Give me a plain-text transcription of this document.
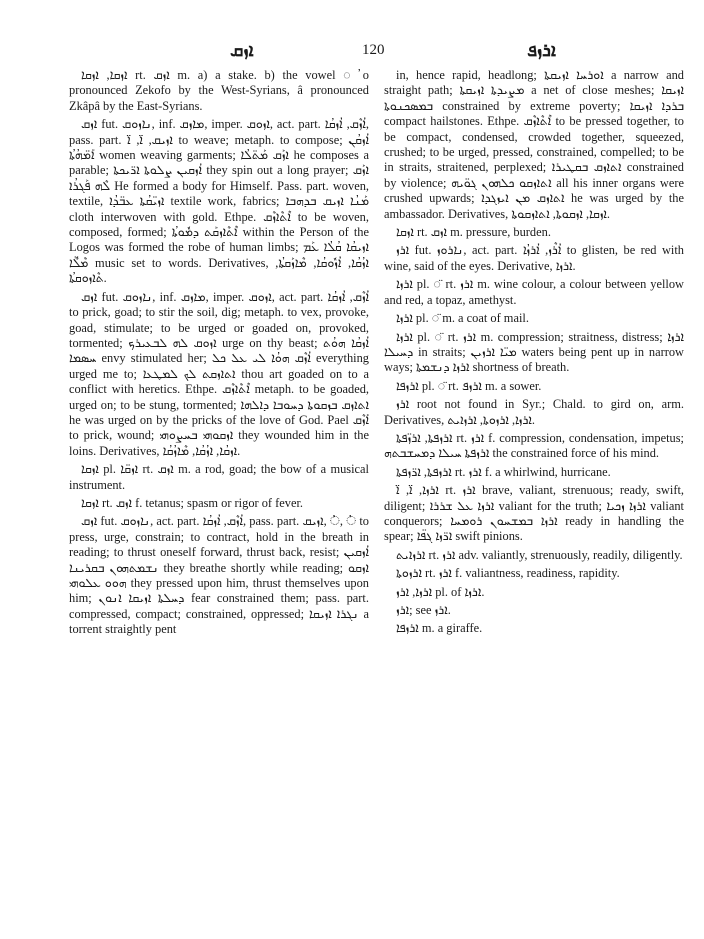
ܐܙܩ	120	ܐܪܙܦ

ܐܙܩܐ, ܐܙܩܐ rt. ܐܙܩ m. a) a stake. b) the vowel ◌ܳ o pronounced Zekofo by the West-Syrians, â pronounced Zkâpâ by the East-Syrians.

ܐܙܩ fut. ܢܐܙܘܩ, inf. ܡܐܙܩ, imper. ܐܙܘܩ, act. part. ܐܳܙܶܩ, ܐܳܙܩܳܐ, pass. part. ܐܙܝܩ, ܐ̈, ܐ̈ to weave; metaph. to compose; ܐܳܙܩܳܢ ܐܰܡ̈ܗܳܬܳܐ women weaving garments; ܐܙܰܩ ܡܰܬ̈ܠܳܐ he composes a parable; ܐܳܙܩܝܢ ܨܠܘܬܐ ܐܪ̈ܝܟܬܐ they spin out a long prayer; ܐܙܰܩ ܠܶܗ ܦܰܓܪܳܐ He formed a body for Himself. Pass. part. woven, textile, ܐܙܝ̈ܩܳܬܐ ܥܒ̈ܕܳܐ textile work, fabrics; ܡܰܢܳܐ ܐܙܝܩ ܒܕܗܒܐ cloth interwoven with gold. Ethpe. ܐܶܬܶܐܙܶܩ to be woven, composed, formed; ܐܶܬܶܐܙܩܰܬ ܕܡܽܘܬܳܐ within the Person of the Logos was formed the robe of human limbs; ܐܙܝܩܳܐ ܩܳܠܳܐ ܥܰܡ ܡܶܠ̈ܶܐ music set to words. Derivatives, ܐܙܳܩܳܐ, ܐܳܙܽܘܩܳܐ, ܡܶܐܙܰܩܬܳܐ, ܬܶܐܙܘܩܬܳܐ.

ܐܙܩ fut. ܢܐܙܘܩ, inf. ܡܐܙܩ, imper. ܐܙܘܩ, act. part. ܐܳܙܶܩ, ܐܳܙܩܳܐ to prick, goad; to stir the soil, dig; metaph. to vex, provoke, goad, stimulate; to be urged or goaded on, provoked, tormented; ܐܙܘܩ ܠܗ ܠܒܥܝܪܟ urge on thy beast; ܐܳܙܩܳܐ ܗܘܳܬ ܚܣܡܐ envy stimulated her; ܐܳܙܶܩ ܗܘܳܐ ܠܝ ܥܠ ܟܠ everything urged me to; ܐܬܐܙܩܬ ܠܟ ܠܡܛܥܐ thou art goaded on to a conflict with heretics. Ethpe. ܐܶܬܶܐܙܶܩ metaph. to be goaded, urged on; to be stung, tormented; ܐܬܐܙܩ ܒܙܩܘܬܐ ܕܚܘܒܐ ܕܐܠܗܐ he was urged on by the pricks of the love of God. Pael ܐܰܙܶܩ to prick, wound; ܐܙܩܘܗܝ ܒܚܨܘܗܝ they wounded him in the loins. Derivatives, ܐܙܩܳܐ, ܐܙܳܩܳܐ, ܡܶܐܙܳܩܳܐ.

ܐܙܩܐ pl. ܐܙܩ̈ܐ rt. ܐܙܩ m. a rod, goad; the bow of a musical instrument.

ܐܙܩܐ rt. ܐܙܩ f. tetanus; spasm or rigor of fever.

ܐܙܩ fut. ܢܐܙܘܩ, act. part. ܐܳܙܶܩ, ܐܳܙܩܳܐ, pass. part. ܐܙܝܩ, ◌ܳ, ◌ܳ to press, urge, constrain; to contract, hold in the breath in reading; to thrust oneself forward, thrust back, resist; ܐܳܙܩܝܢ ܢܫܡܬܗܘܢ ܒܩܪܝܢܐ they breathe shortly while reading; ܐܙܩܘ ܗܘܘ ܥܠܘܗܝ they pressed upon him, thrust themselves upon him; ܕܚܠܬܐ ܐܙܝܩܐ ܐܢܘܢ fear constrained them; pass. part. compressed, compact; constrained, oppressed; ܢܓܪܐ ܐܙܝܩܐ a torrent straightly pent

in, hence rapid, headlong; ܐܘܪܚܐ ܐܙܝܩܬܐ a narrow and straight path; ܡܨܝܕܬܐ ܐܙܝܩܬܐ a net of close meshes; ܐܙܝܩܐ ܒܡܣܟܢܘܬܐ constrained by extreme poverty; ܒܪܕܐ ܐܙܝܩܐ compact hailstones. Ethpe. ܐܶܬܶܐܙܶܩ to be pressed together, to be compact, condensed, crowded together, squeezed, crushed; to be urged, pressed, constrained, compelled; to be in straits, straitened, perplexed; ܐܬܐܙܩ ܒܩܛܝܪܐ constrained by violence; ܐܬܐܙܩܘ ܟܠܗܘܢ ܓܘ̈ܝܗ all his inner organs were crushed upwards; ܐܬܐܙܩ ܡܢ ܐܝܙܓܕܐ he was urged by the ambassador. Derivatives, ܐܙܩܐ, ܐܙܩܘܬܐ, ܐܬܐܙܩܘܬܐ.

ܐܙܩܐ rt. ܐܙܩ m. pressure, burden.

ܐܪܙ fut. ܢܐܪܘܙ, act. part. ܐܳܪܶܙ, ܐܳܪܙܳܐ to glisten, be red with wine, said of the eyes. Derivative, ܐܪܙܐ.

ܐܪܙܐ pl. ◌̈ rt. ܐܪܙ m. wine colour, a colour between yellow and red, a topaz, amethyst.

ܐܪܙܐ pl. ◌̈ m. a coat of mail.

ܐܪܙܐ pl. ◌̈ rt. ܐܪܙ m. compression; straitness, distress; ܐܪܙܐ ܕܚܝܠܐ in straits; ܡܝ̈ܐ ܐܪܙܝܢ waters being pent up in narrow ways; ܐܪܙܐ ܕܢܫܡܬܐ shortness of breath.

ܐܪܙܦܐ pl. ◌̈ rt. ܐܪܙܦ m. a sower.

ܐܪܙ root not found in Syr.; Chald. to gird on, arm. Derivatives, ܐܪܙܐ, ܐܪܙܘܬܐ, ܐܪܙܐܝܬ.

ܐܪܙܦܬܐ, ܐܪܙ̈ܦܬܐ rt. ܐܪܙ f. compression, condensation, impetus; ܐܪܙܦܬܐ ܚܝܠܐ ܕܡܚܫܒܬܗ the constrained force of his mind.

ܐܪܙܦܬܐ, ܐܪ̈ܙܦܬܐ rt. ܐܪܙ f. a whirlwind, hurricane.

ܐܪܙܐ, ܐ̈, ܐ̈ rt. ܐܪܙ brave, valiant, strenuous; ready, swift, diligent; ܐܪܙܐ ܥܠ ܫܪܪܐ valiant for the truth; ܐܪܙܐ ܙܟܝܐ valiant conquerors; ܐܪܙܐ ܒܡܫܚܘܢ ܪܘܡܚܐ ready in handling the spear; ܐܪ̈ܙܐ ܓܦ̈ܐ swift pinions.

ܐܪܙܐܝܬ rt. ܐܪܙ adv. valiantly, strenuously, readily, diligently.

ܐܪܙܘܬܐ rt. ܐܪܙ f. valiantness, readiness, rapidity.

ܐܪܙܐ, ܐܪܙ pl. of ܐܪܙܐ.

ܐܪܙ; see ܐܪܙ.

ܐܪܙܦܐ m. a giraffe.
